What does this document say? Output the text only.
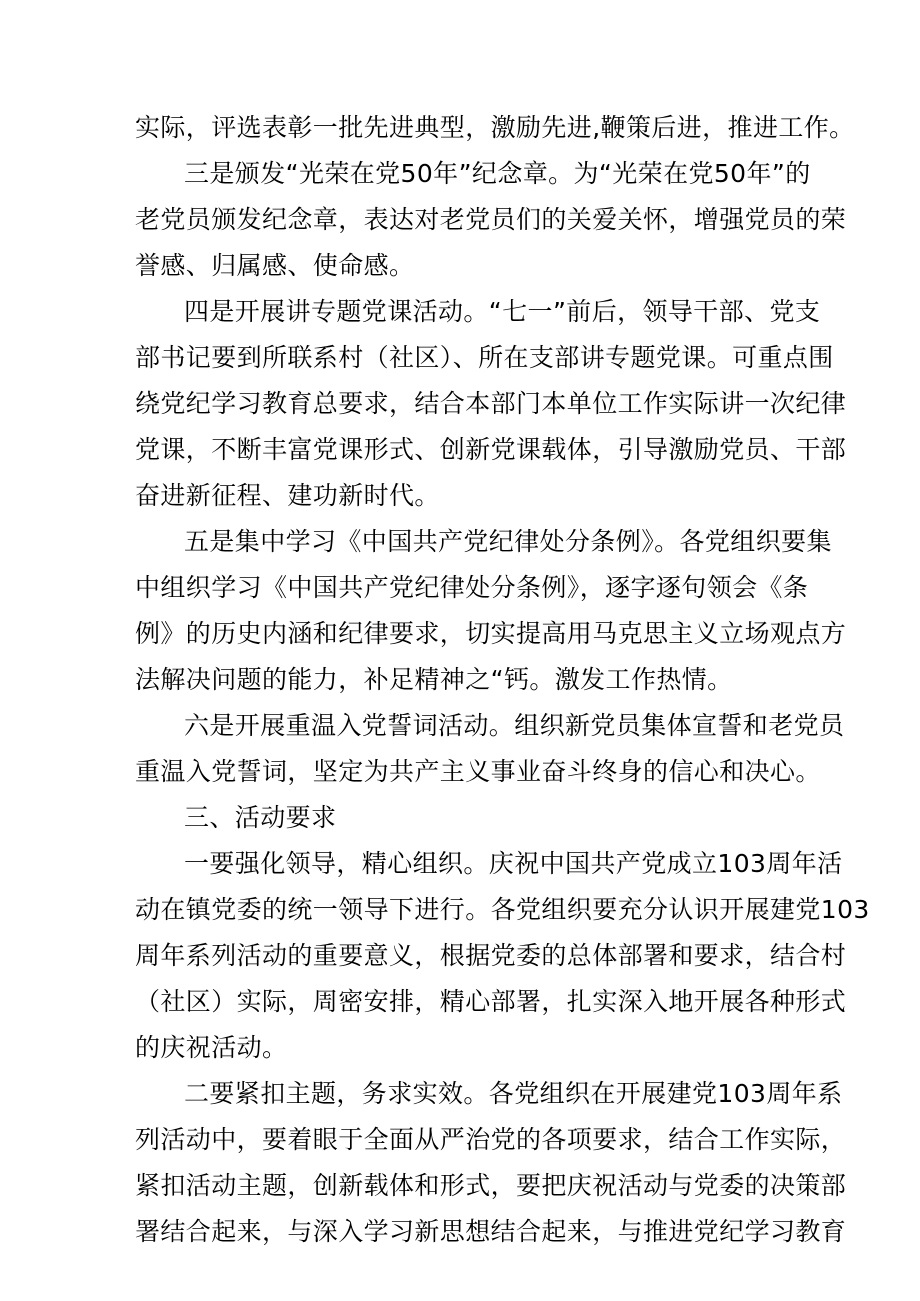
实际，评选表彰一批先进典型，激励先进,鞭策后进，推进工作。
三是颁发“光荣在党50年”纪念章。为“光荣在党50年”的
老党员颁发纪念章，表达对老党员们的关爱关怀，增强党员的荣
誉感、归属感、使命感。
四是开展讲专题党课活动。“七一”前后，领导干部、党支
部书记要到所联系村（社区）、所在支部讲专题党课。可重点围
绕党纪学习教育总要求，结合本部门本单位工作实际讲一次纪律
党课，不断丰富党课形式、创新党课载体，引导激励党员、干部
奋进新征程、建功新时代。
五是集中学习《中国共产党纪律处分条例》。各党组织要集
中组织学习《中国共产党纪律处分条例》，逐字逐句领会《条
例》的历史内涵和纪律要求，切实提高用马克思主义立场观点方
法解决问题的能力，补足精神之“钙。激发工作热情。
六是开展重温入党誓词活动。组织新党员集体宣誓和老党员
重温入党誓词，坚定为共产主义事业奋斗终身的信心和决心。
三、活动要求
一要强化领导，精心组织。庆祝中国共产党成立103周年活
动在镇党委的统一领导下进行。各党组织要充分认识开展建党103
周年系列活动的重要意义，根据党委的总体部署和要求，结合村
（社区）实际，周密安排，精心部署，扎实深入地开展各种形式
的庆祝活动。
二要紧扣主题，务求实效。各党组织在开展建党103周年系
列活动中，要着眼于全面从严治党的各项要求，结合工作实际，
紧扣活动主题，创新载体和形式，要把庆祝活动与党委的决策部
署结合起来，与深入学习新思想结合起来，与推进党纪学习教育
